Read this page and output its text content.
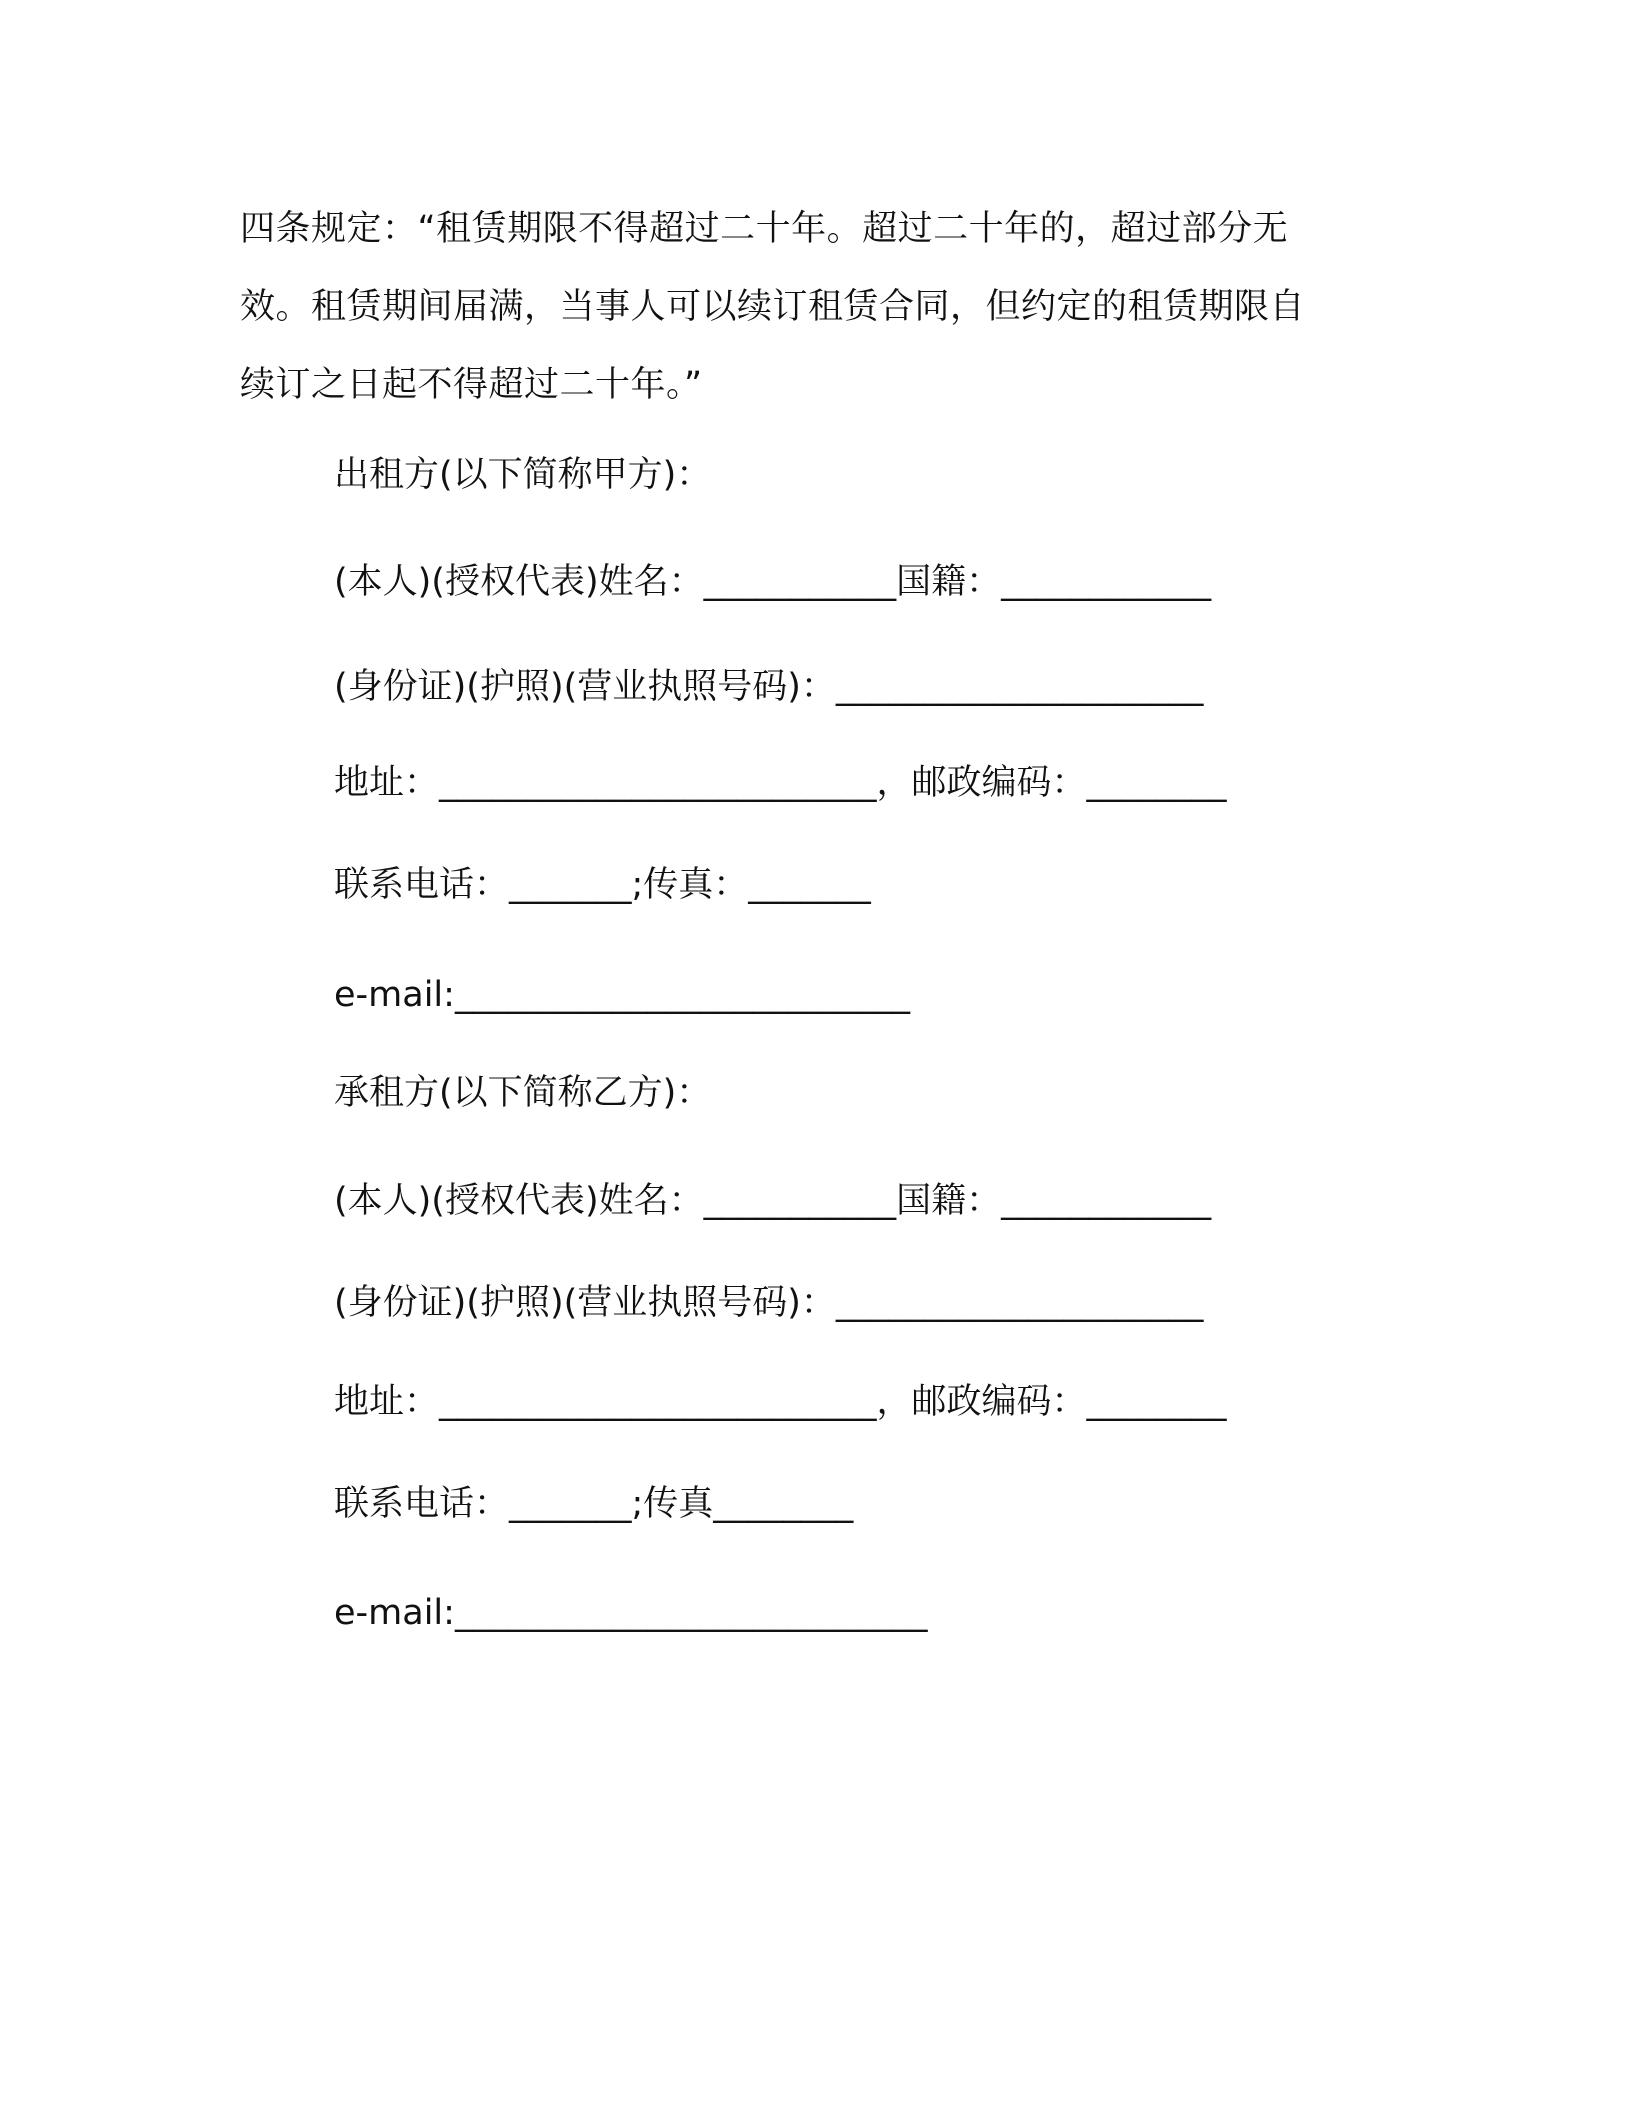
四条规定：“租赁期限不得超过二十年。超过二十年的，超过部分无
效。租赁期间届满，当事人可以续订租赁合同，但约定的租赁期限自
续订之日起不得超过二十年。”
出租方(以下简称甲方)：
(本人)(授权代表)姓名：___________国籍：____________
(身份证)(护照)(营业执照号码)：_____________________
地址：_________________________，邮政编码：________
联系电话：_______;传真：_______
e-mail:__________________________
承租方(以下简称乙方)：
(本人)(授权代表)姓名：___________国籍：____________
(身份证)(护照)(营业执照号码)：_____________________
地址：_________________________，邮政编码：________
联系电话：_______;传真________
e-mail:___________________________
